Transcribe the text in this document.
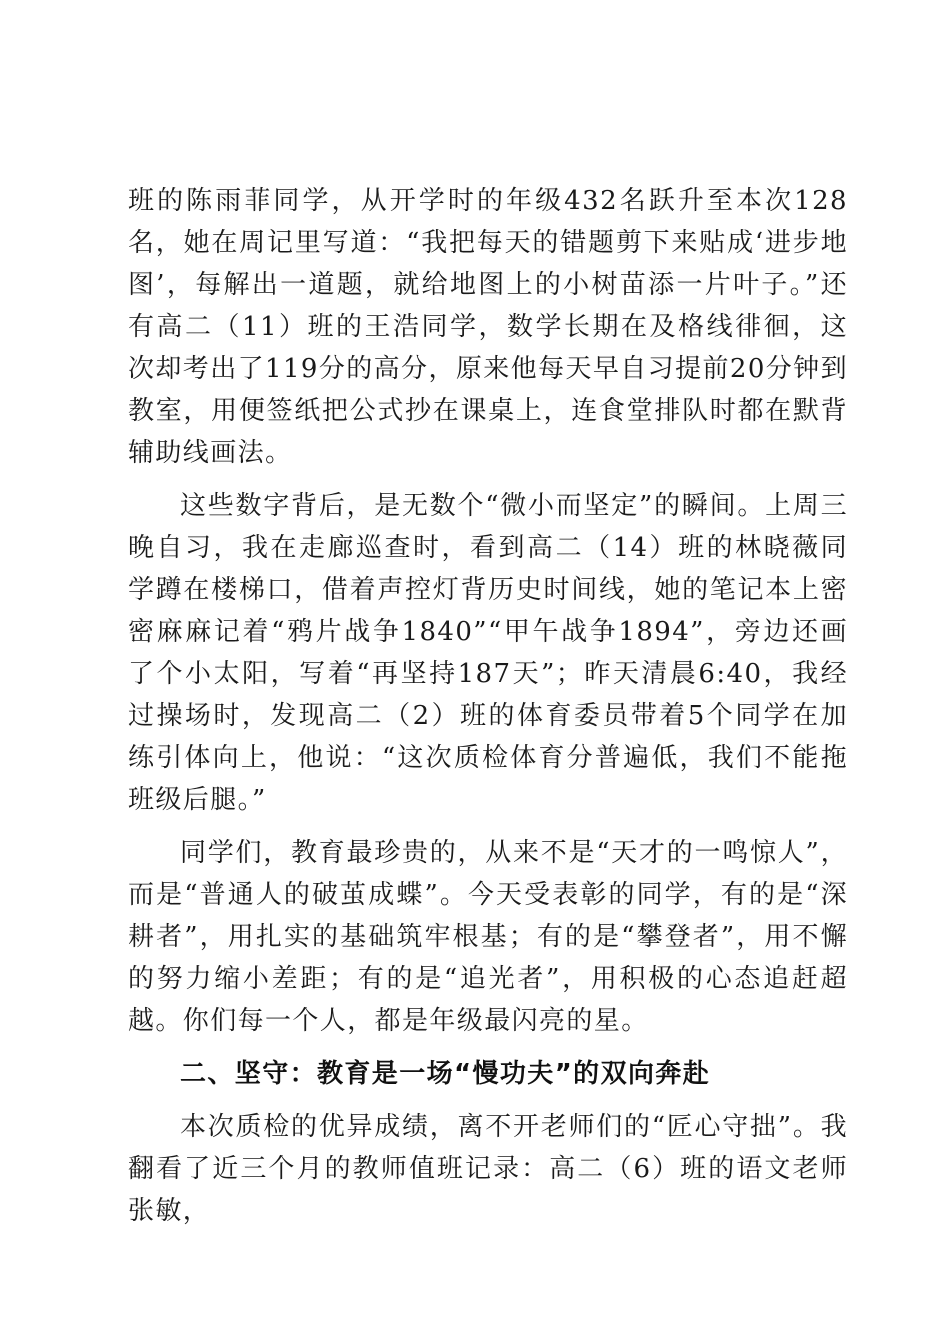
班的陈雨菲同学，从开学时的年级432名跃升至本次128名，她在周记里写道：“我把每天的错题剪下来贴成‘进步地图’，每解出一道题，就给地图上的小树苗添一片叶子。”还有高二（11）班的王浩同学，数学长期在及格线徘徊，这次却考出了119分的高分，原来他每天早自习提前20分钟到教室，用便签纸把公式抄在课桌上，连食堂排队时都在默背辅助线画法。

这些数字背后，是无数个“微小而坚定”的瞬间。上周三晚自习，我在走廊巡查时，看到高二（14）班的林晓薇同学蹲在楼梯口，借着声控灯背历史时间线，她的笔记本上密密麻麻记着“鸦片战争1840”“甲午战争1894”，旁边还画了个小太阳，写着“再坚持187天”；昨天清晨6:40，我经过操场时，发现高二（2）班的体育委员带着5个同学在加练引体向上，他说：“这次质检体育分普遍低，我们不能拖班级后腿。”

同学们，教育最珍贵的，从来不是“天才的一鸣惊人”，而是“普通人的破茧成蝶”。今天受表彰的同学，有的是“深耕者”，用扎实的基础筑牢根基；有的是“攀登者”，用不懈的努力缩小差距；有的是“追光者”，用积极的心态追赶超越。你们每一个人，都是年级最闪亮的星。

二、坚守：教育是一场“慢功夫”的双向奔赴

本次质检的优异成绩，离不开老师们的“匠心守拙”。我翻看了近三个月的教师值班记录：高二（6）班的语文老师张敏，
